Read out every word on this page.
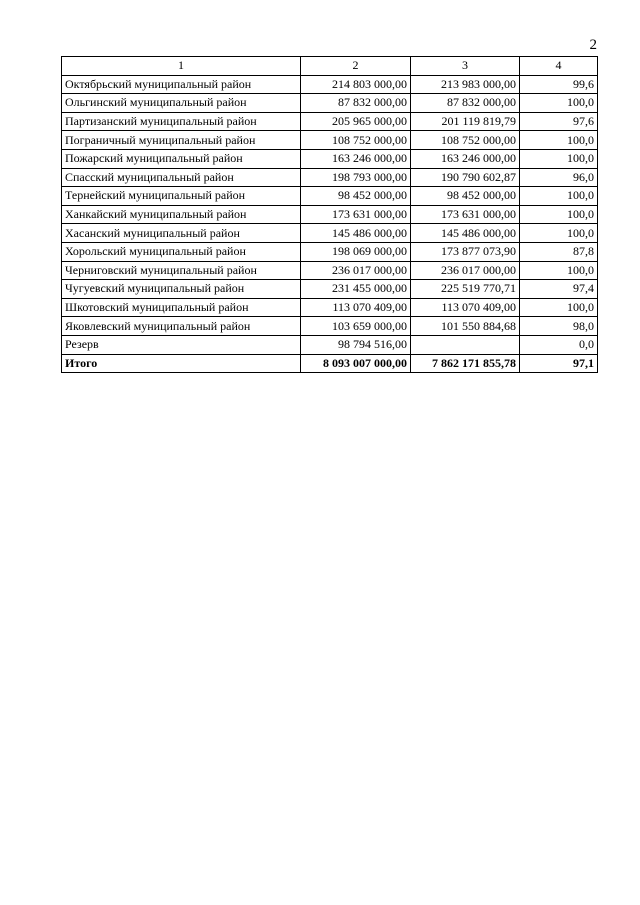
2
1	2	3	4
Октябрьский муниципальный район	214 803 000,00	213 983 000,00	99,6
Ольгинский муниципальный район	87 832 000,00	87 832 000,00	100,0
Партизанский муниципальный район	205 965 000,00	201 119 819,79	97,6
Пограничный муниципальный район	108 752 000,00	108 752 000,00	100,0
Пожарский муниципальный район	163 246 000,00	163 246 000,00	100,0
Спасский муниципальный район	198 793 000,00	190 790 602,87	96,0
Тернейский муниципальный район	98 452 000,00	98 452 000,00	100,0
Ханкайский муниципальный район	173 631 000,00	173 631 000,00	100,0
Хасанский муниципальный район	145 486 000,00	145 486 000,00	100,0
Хорольский муниципальный район	198 069 000,00	173 877 073,90	87,8
Черниговский муниципальный район	236 017 000,00	236 017 000,00	100,0
Чугуевский муниципальный район	231 455 000,00	225 519 770,71	97,4
Шкотовский муниципальный район	113 070 409,00	113 070 409,00	100,0
Яковлевский муниципальный район	103 659 000,00	101 550 884,68	98,0
Резерв	98 794 516,00		0,0
Итого	8 093 007 000,00	7 862 171 855,78	97,1
